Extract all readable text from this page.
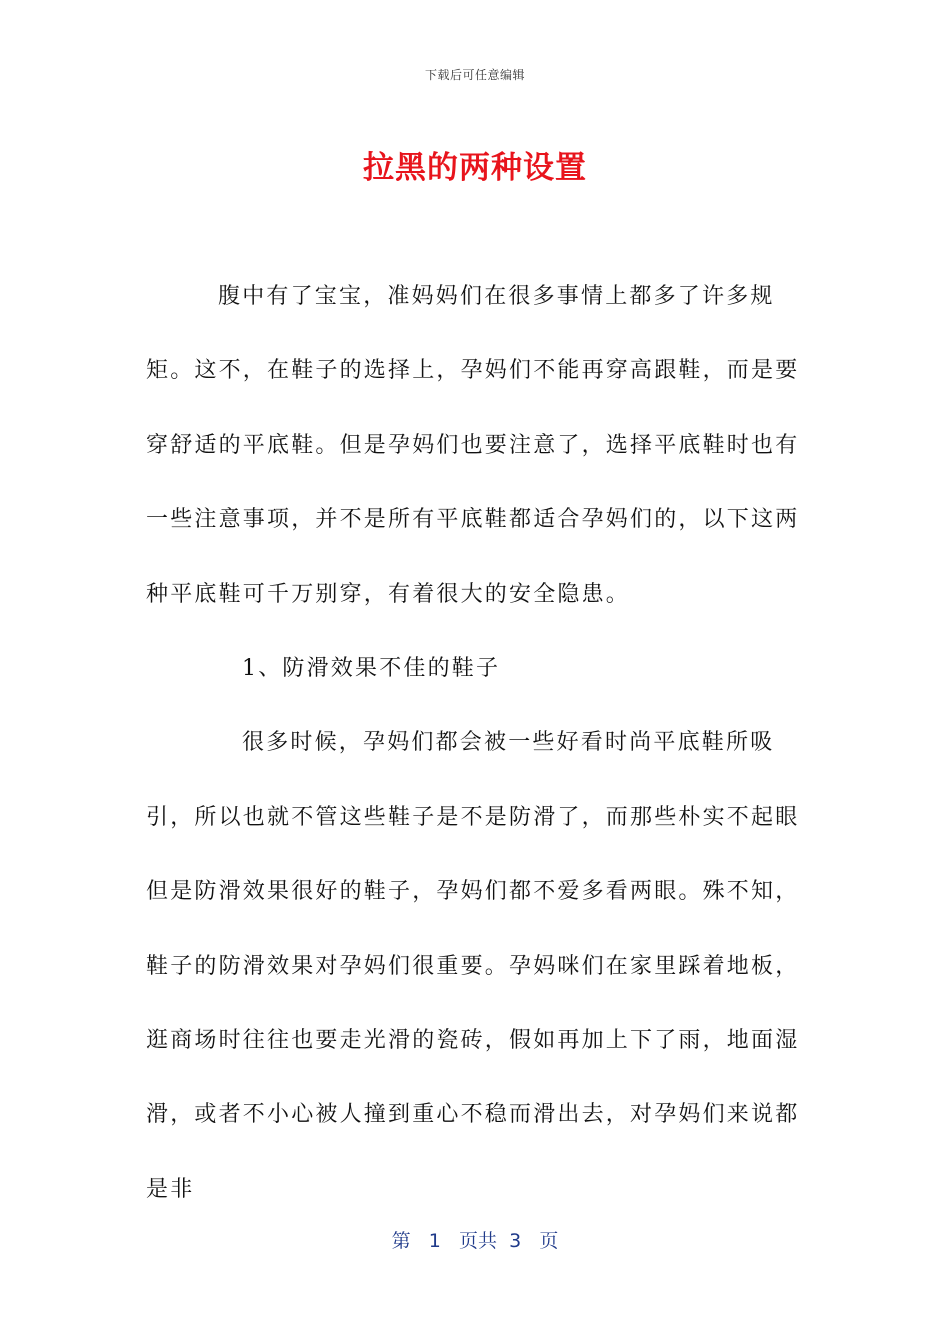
下载后可任意编辑
拉黑的两种设置

腹中有了宝宝，准妈妈们在很多事情上都多了许多规矩。这不，在鞋子的选择上，孕妈们不能再穿高跟鞋，而是要穿舒适的平底鞋。但是孕妈们也要注意了，选择平底鞋时也有一些注意事项，并不是所有平底鞋都适合孕妈们的，以下这两种平底鞋可千万别穿，有着很大的安全隐患。

1、防滑效果不佳的鞋子

很多时候，孕妈们都会被一些好看时尚平底鞋所吸引，所以也就不管这些鞋子是不是防滑了，而那些朴实不起眼但是防滑效果很好的鞋子，孕妈们都不爱多看两眼。殊不知，鞋子的防滑效果对孕妈们很重要。孕妈咪们在家里踩着地板，逛商场时往往也要走光滑的瓷砖，假如再加上下了雨，地面湿滑，或者不小心被人撞到重心不稳而滑出去，对孕妈们来说都是非

第 1 页共 3 页
